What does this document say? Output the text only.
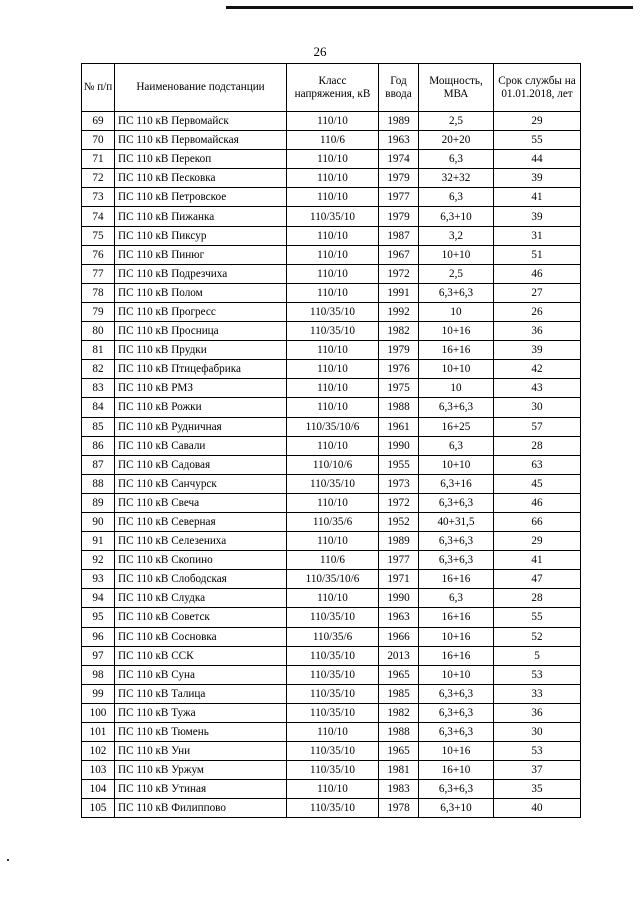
26
№ п/п	Наименование подстанции	Класс напряжения, кВ	Год ввода	Мощность, МВА	Срок службы на 01.01.2018, лет
69	ПС 110 кВ Первомайск	110/10	1989	2,5	29
70	ПС 110 кВ Первомайская	110/6	1963	20+20	55
71	ПС 110 кВ Перекоп	110/10	1974	6,3	44
72	ПС 110 кВ Песковка	110/10	1979	32+32	39
73	ПС 110 кВ Петровское	110/10	1977	6,3	41
74	ПС 110 кВ Пижанка	110/35/10	1979	6,3+10	39
75	ПС 110 кВ Пиксур	110/10	1987	3,2	31
76	ПС 110 кВ Пинюг	110/10	1967	10+10	51
77	ПС 110 кВ Подрезчиха	110/10	1972	2,5	46
78	ПС 110 кВ Полом	110/10	1991	6,3+6,3	27
79	ПС 110 кВ Прогресс	110/35/10	1992	10	26
80	ПС 110 кВ Просница	110/35/10	1982	10+16	36
81	ПС 110 кВ Прудки	110/10	1979	16+16	39
82	ПС 110 кВ Птицефабрика	110/10	1976	10+10	42
83	ПС 110 кВ РМЗ	110/10	1975	10	43
84	ПС 110 кВ Рожки	110/10	1988	6,3+6,3	30
85	ПС 110 кВ Рудничная	110/35/10/6	1961	16+25	57
86	ПС 110 кВ Савали	110/10	1990	6,3	28
87	ПС 110 кВ Садовая	110/10/6	1955	10+10	63
88	ПС 110 кВ Санчурск	110/35/10	1973	6,3+16	45
89	ПС 110 кВ Свеча	110/10	1972	6,3+6,3	46
90	ПС 110 кВ Северная	110/35/6	1952	40+31,5	66
91	ПС 110 кВ Селезениха	110/10	1989	6,3+6,3	29
92	ПС 110 кВ Скопино	110/6	1977	6,3+6,3	41
93	ПС 110 кВ Слободская	110/35/10/6	1971	16+16	47
94	ПС 110 кВ Слудка	110/10	1990	6,3	28
95	ПС 110 кВ Советск	110/35/10	1963	16+16	55
96	ПС 110 кВ Сосновка	110/35/6	1966	10+16	52
97	ПС 110 кВ ССК	110/35/10	2013	16+16	5
98	ПС 110 кВ Суна	110/35/10	1965	10+10	53
99	ПС 110 кВ Талица	110/35/10	1985	6,3+6,3	33
100	ПС 110 кВ Тужа	110/35/10	1982	6,3+6,3	36
101	ПС 110 кВ Тюмень	110/10	1988	6,3+6,3	30
102	ПС 110 кВ Уни	110/35/10	1965	10+16	53
103	ПС 110 кВ Уржум	110/35/10	1981	16+10	37
104	ПС 110 кВ Утиная	110/10	1983	6,3+6,3	35
105	ПС 110 кВ Филиппово	110/35/10	1978	6,3+10	40
